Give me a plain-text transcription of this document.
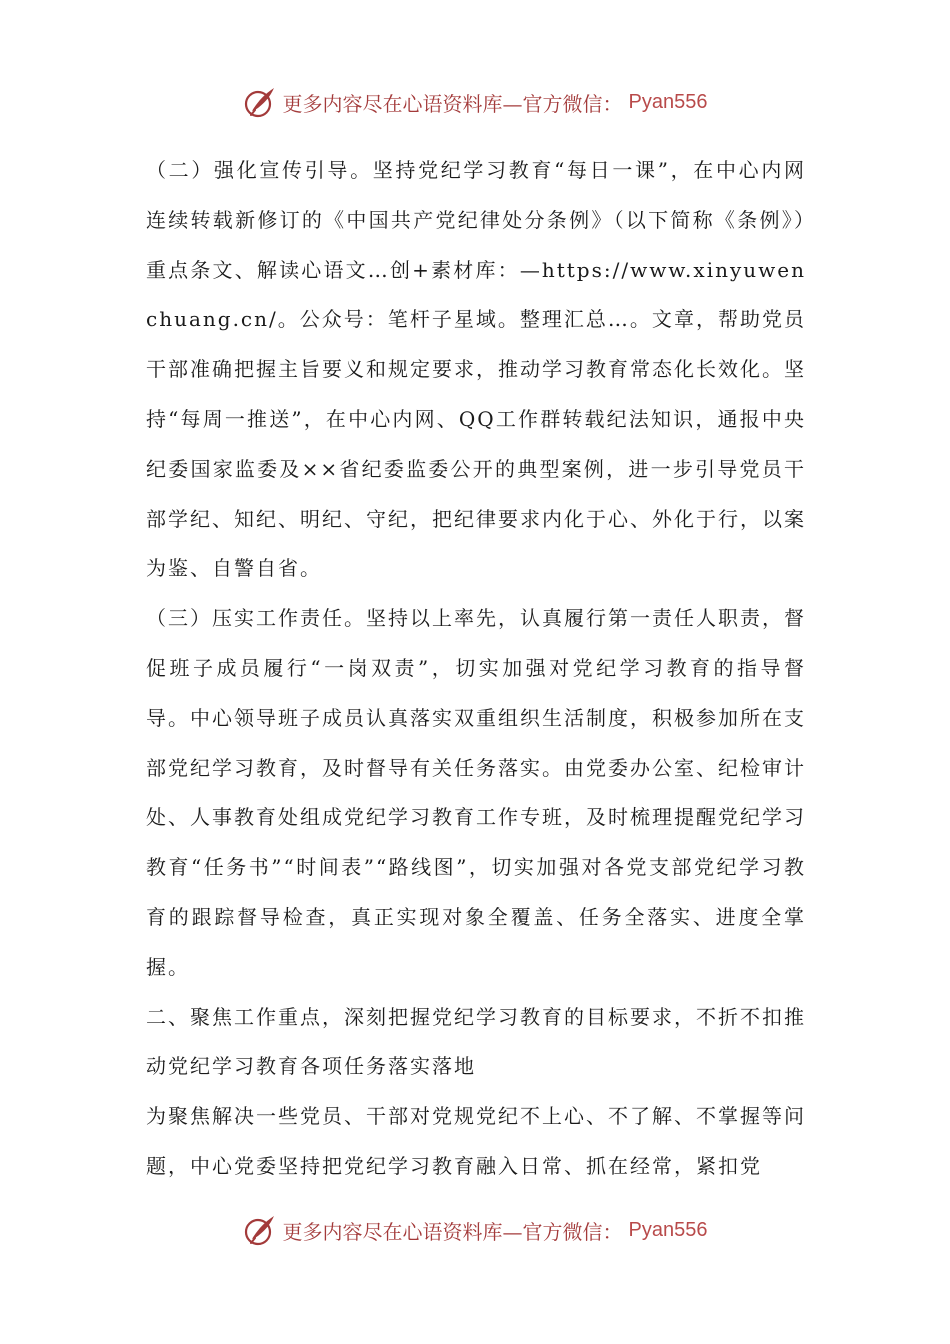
更多内容尽在心语资料库—官方微信： Pyan556

（二）强化宣传引导。坚持党纪学习教育“每日一课”，在中心内网连续转载新修订的《中国共产党纪律处分条例》（以下简称《条例》）重点条文、解读心语文…创+素材库：—https://www.xinyuwenchuang.cn/。公众号：笔杆子星域。整理汇总…。文章，帮助党员干部准确把握主旨要义和规定要求，推动学习教育常态化长效化。坚持“每周一推送”，在中心内网、QQ工作群转载纪法知识，通报中央纪委国家监委及××省纪委监委公开的典型案例，进一步引导党员干部学纪、知纪、明纪、守纪，把纪律要求内化于心、外化于行，以案为鉴、自警自省。

（三）压实工作责任。坚持以上率先，认真履行第一责任人职责，督促班子成员履行“一岗双责”，切实加强对党纪学习教育的指导督导。中心领导班子成员认真落实双重组织生活制度，积极参加所在支部党纪学习教育，及时督导有关任务落实。由党委办公室、纪检审计处、人事教育处组成党纪学习教育工作专班，及时梳理提醒党纪学习教育“任务书”“时间表”“路线图”，切实加强对各党支部党纪学习教育的跟踪督导检查，真正实现对象全覆盖、任务全落实、进度全掌握。

二、聚焦工作重点，深刻把握党纪学习教育的目标要求，不折不扣推动党纪学习教育各项任务落实落地

为聚焦解决一些党员、干部对党规党纪不上心、不了解、不掌握等问题，中心党委坚持把党纪学习教育融入日常、抓在经常，紧扣党

更多内容尽在心语资料库—官方微信： Pyan556
